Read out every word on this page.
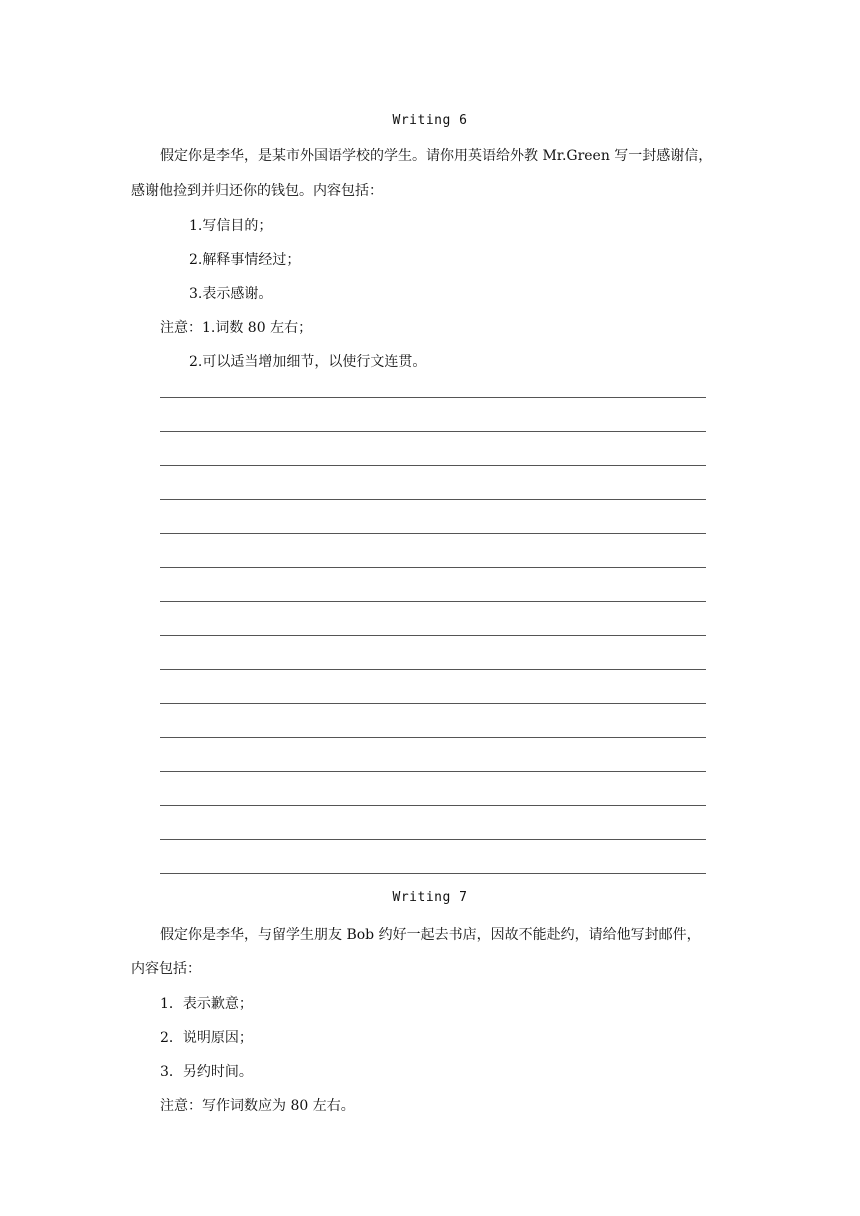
Writing 6
假定你是李华，是某市外国语学校的学生。请你用英语给外教 Mr.Green 写一封感谢信，
感谢他捡到并归还你的钱包。内容包括：
1.写信目的；
2.解释事情经过；
3.表示感谢。
注意：1.词数 80 左右；
2.可以适当增加细节，以使行文连贯。
Writing 7
假定你是李华，与留学生朋友 Bob 约好一起去书店，因故不能赴约，请给他写封邮件，
内容包括：
1．表示歉意；
2．说明原因；
3．另约时间。
注意：写作词数应为 80 左右。
